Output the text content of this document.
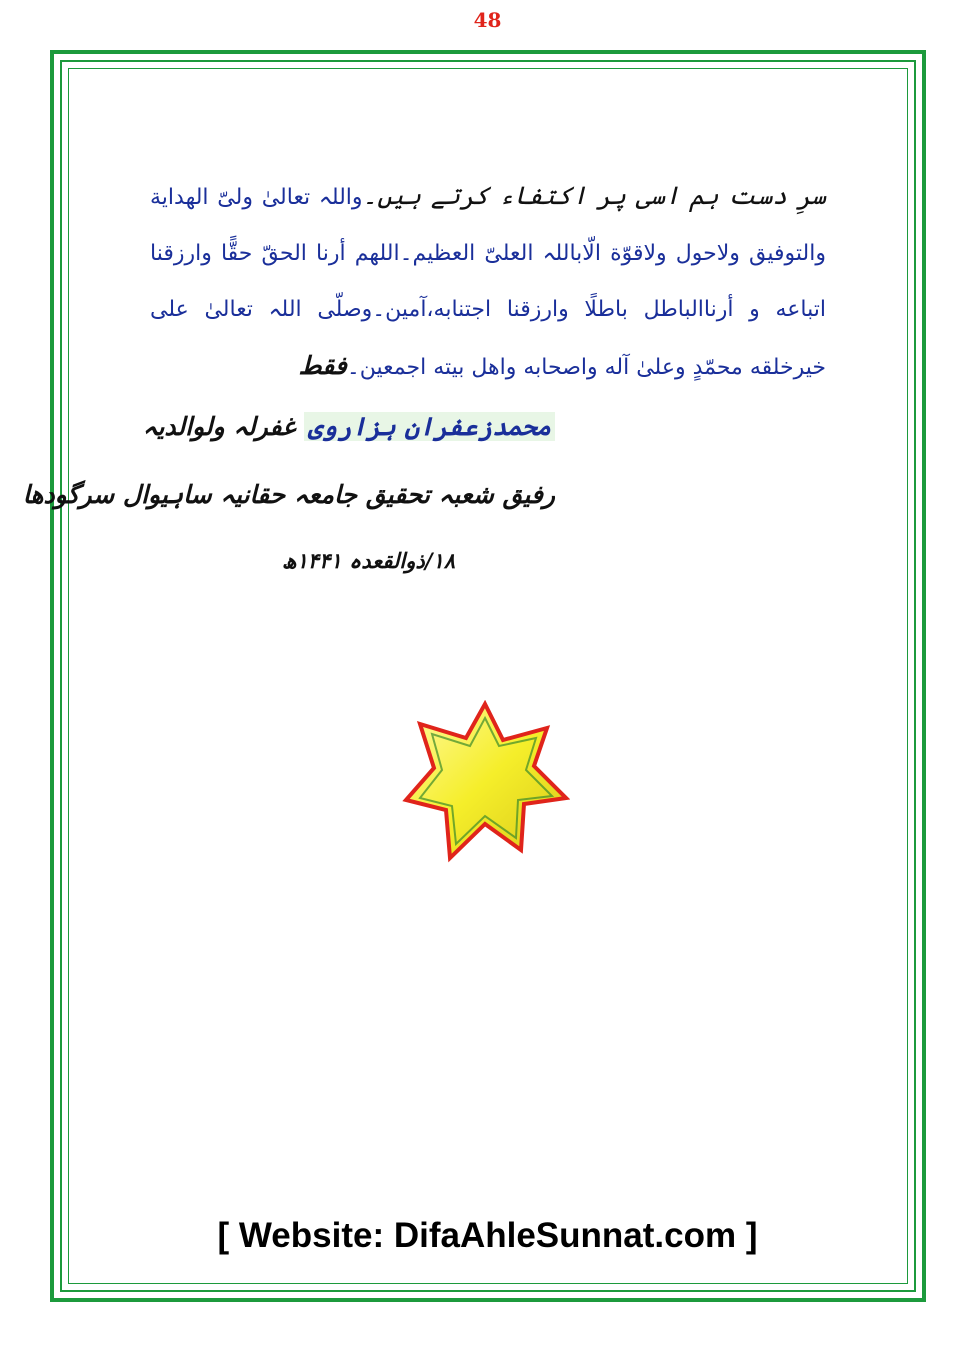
48
سرِ دست ہم اسی پر اکتفاء کرتے ہیں۔واللہ تعالیٰ ولیّ الهداية والتوفيق ولاحول ولاقوّة الّاباللہ العلیّ العظيم۔اللهم أرنا الحقّ حقًّا وارزقنا اتباعه و أرناالباطل باطلًا وارزقنا اجتنابه،آمين۔وصلّى اللہ تعالیٰ على خيرخلقه محمّدٍ وعلیٰ آله واصحابه واهل بيته اجمعين۔فقط
محمدزعفران ہزاروی غفرلہ ولوالدیہ
رفیق شعبہ تحقیق جامعہ حقانیہ ساہیوال سرگودھا
۱۸/ذوالقعدہ ۱۴۴۱ھ
[ Website: DifaAhleSunnat.com ]
